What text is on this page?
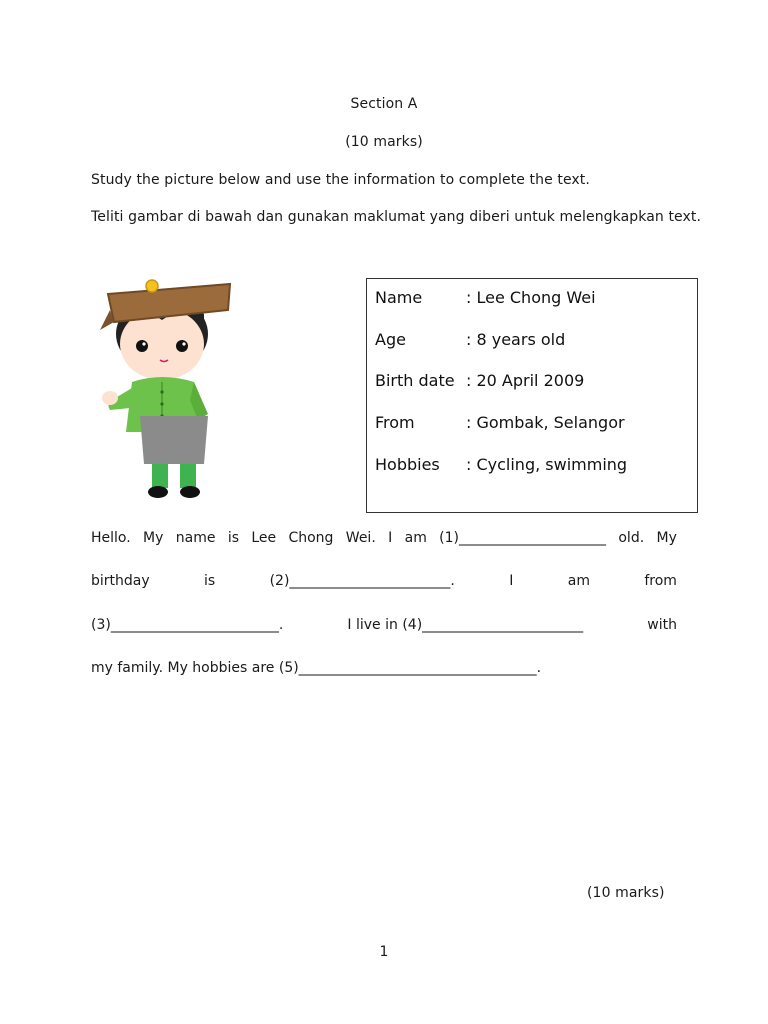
Section A
(10 marks)
Study the picture below and use the information to complete the text.
Teliti gambar di bawah dan gunakan maklumat yang diberi untuk melengkapkan text.
Name	: Lee Chong Wei
Age	: 8 years old
Birth date : 20 April 2009
From	: Gombak, Selangor
Hobbies : Cycling, swimming
Hello. My name is Lee Chong Wei. I am (1)_____________________ old. My
birthday	is	(2)_______________________.	I	am	from
(3)________________________.	I live in (4)_______________________	with
my family. My hobbies are (5)__________________________________.
(10 marks)
1
